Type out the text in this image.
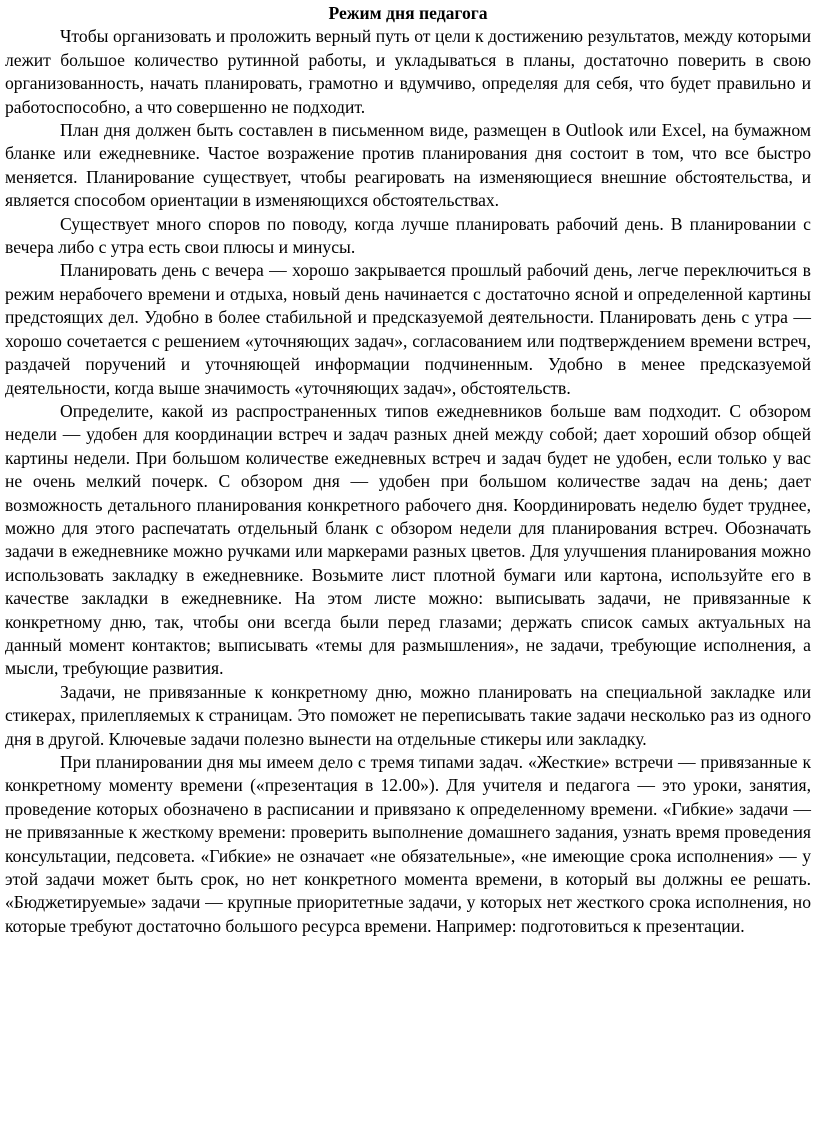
Режим дня педагога

Чтобы организовать и проложить верный путь от цели к достижению результатов, между которыми лежит большое количество рутинной работы, и укладываться в планы, достаточно поверить в свою организованность, начать планировать, грамотно и вдумчиво, определяя для себя, что будет правильно и работоспособно, а что совершенно не подходит.

План дня должен быть составлен в письменном виде, размещен в Outlook или Excel, на бумажном бланке или ежедневнике. Частое возражение против планирования дня состоит в том, что все быстро меняется. Планирование существует, чтобы реагировать на изменяющиеся внешние обстоятельства, и является способом ориентации в изменяющихся обстоятельствах.

Существует много споров по поводу, когда лучше планировать рабочий день. В планировании с вечера либо с утра есть свои плюсы и минусы.

Планировать день с вечера — хорошо закрывается прошлый рабочий день, легче переключиться в режим нерабочего времени и отдыха, новый день начинается с достаточно ясной и определенной картины предстоящих дел. Удобно в более стабильной и предсказуемой деятельности. Планировать день с утра — хорошо сочетается с решением «уточняющих задач», согласованием или подтверждением времени встреч, раздачей поручений и уточняющей информации подчиненным. Удобно в менее предсказуемой деятельности, когда выше значимость «уточняющих задач», обстоятельств.

Определите, какой из распространенных типов ежедневников больше вам подходит. С обзором недели — удобен для координации встреч и задач разных дней между собой; дает хороший обзор общей картины недели. При большом количестве ежедневных встреч и задач будет не удобен, если только у вас не очень мелкий почерк. С обзором дня — удобен при большом количестве задач на день; дает возможность детального планирования конкретного рабочего дня. Координировать неделю будет труднее, можно для этого распечатать отдельный бланк с обзором недели для планирования встреч. Обозначать задачи в ежедневнике можно ручками или маркерами разных цветов. Для улучшения планирования можно использовать закладку в ежедневнике. Возьмите лист плотной бумаги или картона, используйте его в качестве закладки в ежедневнике. На этом листе можно: выписывать задачи, не привязанные к конкретному дню, так, чтобы они всегда были перед глазами; держать список самых актуальных на данный момент контактов; выписывать «темы для размышления», не задачи, требующие исполнения, а мысли, требующие развития.

Задачи, не привязанные к конкретному дню, можно планировать на специальной закладке или стикерах, прилепляемых к страницам. Это поможет не переписывать такие задачи несколько раз из одного дня в другой. Ключевые задачи полезно вынести на отдельные стикеры или закладку.

При планировании дня мы имеем дело с тремя типами задач. «Жесткие» встречи — привязанные к конкретному моменту времени («презентация в 12.00»). Для учителя и педагога — это уроки, занятия, проведение которых обозначено в расписании и привязано к определенному времени. «Гибкие» задачи — не привязанные к жесткому времени: проверить выполнение домашнего задания, узнать время проведения консультации, педсовета. «Гибкие» не означает «не обязательные», «не имеющие срока исполнения» — у этой задачи может быть срок, но нет конкретного момента времени, в который вы должны ее решать. «Бюджетируемые» задачи — крупные приоритетные задачи, у которых нет жесткого срока исполнения, но которые требуют достаточно большого ресурса времени. Например: подготовиться к презентации.
